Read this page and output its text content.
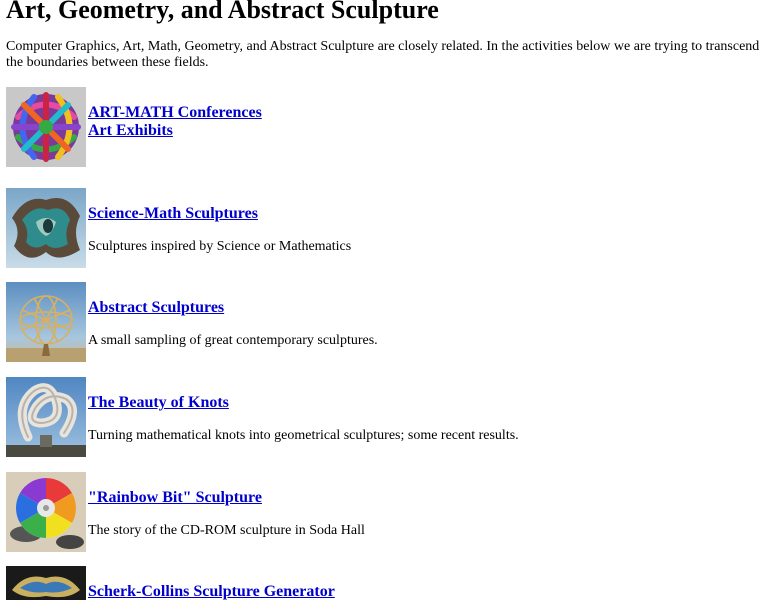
Art, Geometry, and Abstract Sculpture

Computer Graphics, Art, Math, Geometry, and Abstract Sculpture are closely related. In the activities below we are trying to transcend the boundaries between these fields.

ART-MATH Conferences
Art Exhibits
Science-Math Sculptures
Sculptures inspired by Science or Mathematics
Abstract Sculptures
A small sampling of great contemporary sculptures.
The Beauty of Knots
Turning mathematical knots into geometrical sculptures; some recent results.
"Rainbow Bit" Sculpture
The story of the CD-ROM sculpture in Soda Hall
Scherk-Collins Sculpture Generator
